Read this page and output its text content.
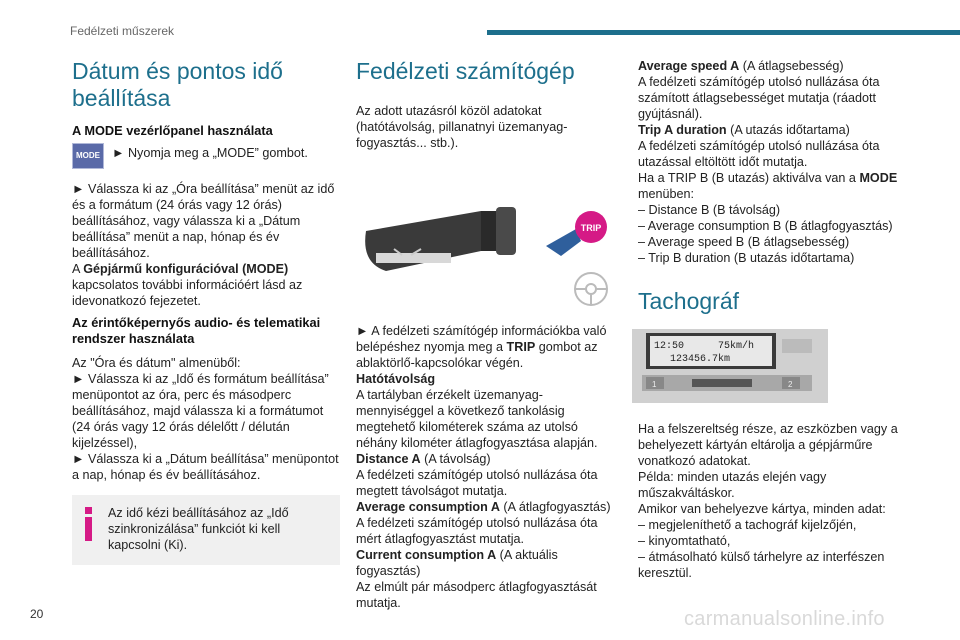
Fedélzeti műszerek
Dátum és pontos idő beállítása
A MODE vezérlőpanel használata
MODE ► Nyomja meg a „MODE” gombot.

► Válassza ki az „Óra beállítása” menüt az idő és a formátum (24 órás vagy 12 órás) beállításához, vagy válassza ki a „Dátum beállítása” menüt a nap, hónap és év beállításához.

A Gépjármű konfigurációval (MODE) kapcsolatos további információért lásd az idevonatkozó fejezetet.

Az érintőképernyős audio- és telematikai rendszer használata

Az "Óra és dátum" almenüből:

► Válassza ki az „Idő és formátum beállítása” menüpontot az óra, perc és másodperc beállításához, majd válassza ki a formátumot (24 órás vagy 12 órás délelőtt / délután kijelzéssel),

► Válassza ki a „Dátum beállítása” menüpontot a nap, hónap és év beállításához.

Az idő kézi beállításához az „Idő szinkronizálása” funkciót ki kell kapcsolni (Ki).
Fedélzeti számítógép

Az adott utazásról közöl adatokat (hatótávolság, pillanatnyi üzemanyag-fogyasztás... stb.).

TRIP

► A fedélzeti számítógép információkba való belépéshez nyomja meg a TRIP gombot az ablaktörlő-kapcsolókar végén.

Hatótávolság

A tartályban érzékelt üzemanyag-mennyiséggel a következő tankolásig megtehető kilométerek száma az utolsó néhány kilométer átlagfogyasztása alapján.

Distance A (A távolság)

A fedélzeti számítógép utolsó nullázása óta megtett távolságot mutatja.

Average consumption A (A átlagfogyasztás)

A fedélzeti számítógép utolsó nullázása óta mért átlagfogyasztást mutatja.

Current consumption A (A aktuális fogyasztás)

Az elmúlt pár másodperc átlagfogyasztását mutatja.

Average speed A (A átlagsebesség)

A fedélzeti számítógép utolsó nullázása óta számított átlagsebességet mutatja (ráadott gyújtásnál).

Trip A duration (A utazás időtartama)

A fedélzeti számítógép utolsó nullázása óta utazással eltöltött időt mutatja.

Ha a TRIP B (B utazás) aktiválva van a MODE menüben:

– Distance B (B távolság)
– Average consumption B (B átlagfogyasztás)
– Average speed B (B átlagsebesség)
– Trip B duration (B utazás időtartama)
Tachográf
12:50	75km/h
123456.7km
1	2

Ha a felszereltség része, az eszközben vagy a behelyezett kártyán eltárolja a gépjárműre vonatkozó adatokat.

Példa: minden utazás elején vagy műszakváltáskor.

Amikor van behelyezve kártya, minden adat:

– megjeleníthető a tachográf kijelzőjén,
– kinyomtatható,
– átmásolható külső tárhelyre az interfészen keresztül.
20	carmanualsonline.info
